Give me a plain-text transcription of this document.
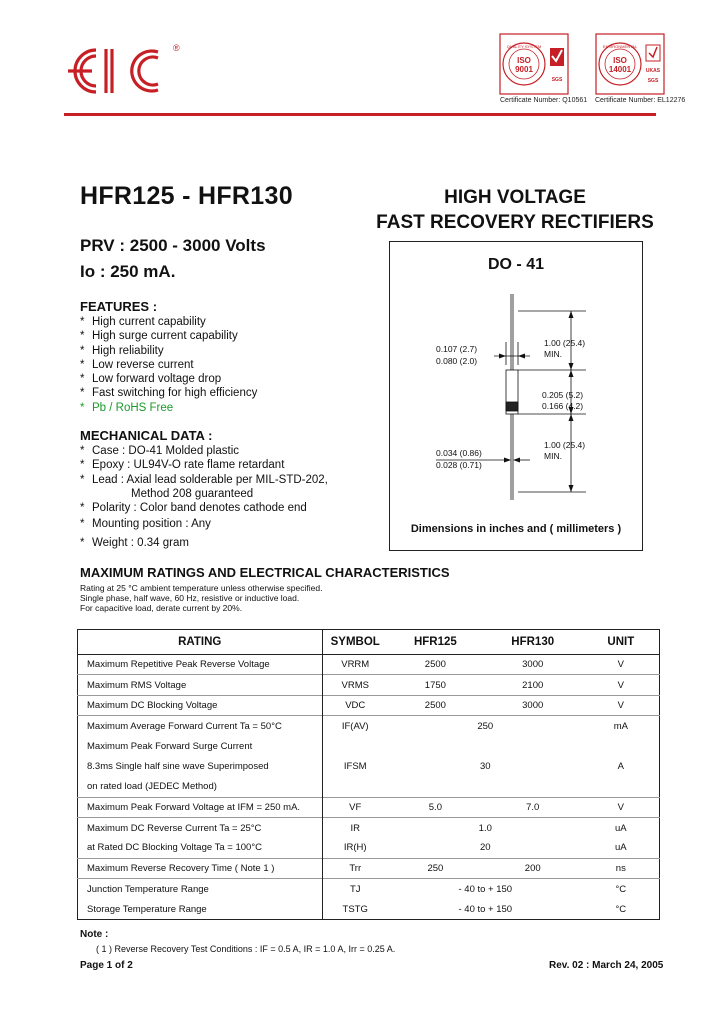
®
ISO
9001
QUALITY SYSTEM
SGS
Certificate Number: Q10561
ISO
14001
ENVIRONMENTAL
UKAS
SGS
Certificate Number: EL12276
HFR125 - HFR130
PRV : 2500 - 3000 Volts
Io : 250 mA.
HIGH VOLTAGE
FAST RECOVERY RECTIFIERS
FEATURES :
* High current capability
* High surge current capability
* High reliability
* Low reverse current
* Low forward voltage drop
* Fast switching for high efficiency
* Pb / RoHS Free
MECHANICAL DATA :
* Case : DO-41 Molded plastic
* Epoxy : UL94V-O rate flame retardant
* Lead : Axial lead solderable per MIL-STD-202,
Method 208 guaranteed
* Polarity : Color band denotes cathode end
* Mounting position : Any
* Weight : 0.34 gram
DO - 41
1.00 (25.4)
MIN.
0.107 (2.7)
0.080 (2.0)
0.205 (5.2)
0.166 (4.2)
1.00 (25.4)
MIN.
0.034 (0.86)
0.028 (0.71)
Dimensions in inches and ( millimeters )
MAXIMUM RATINGS AND ELECTRICAL CHARACTERISTICS
Rating at 25 °C ambient temperature unless otherwise specified.
Single phase, half wave, 60 Hz, resistive or inductive load.
For capacitive load, derate current by 20%.
RATING	SYMBOL	HFR125	HFR130	UNIT
Maximum Repetitive Peak Reverse Voltage	VRRM	2500	3000	V
Maximum RMS Voltage	VRMS	1750	2100	V
Maximum DC Blocking Voltage	VDC	2500	3000	V
Maximum Average Forward Current Ta = 50°C	IF(AV)	250		mA
Maximum Peak Forward Surge Current	IFSM	30		A
8.3ms Single half sine wave Superimposed				
on rated load (JEDEC Method)				
Maximum Peak Forward Voltage at IFM = 250 mA.	VF	5.0	7.0	V
Maximum DC Reverse Current Ta = 25°C	IR	1.0		uA
at Rated DC Blocking Voltage Ta = 100°C	IR(H)	20		uA
Maximum Reverse Recovery Time ( Note 1 )	Trr	250	200	ns
Junction Temperature Range	TJ	- 40 to + 150		°C
Storage Temperature Range	TSTG	- 40 to + 150		°C
Note :
( 1 ) Reverse Recovery Test Conditions : IF = 0.5 A, IR = 1.0 A, Irr = 0.25 A.
Page 1 of 2	Rev. 02 : March 24, 2005
